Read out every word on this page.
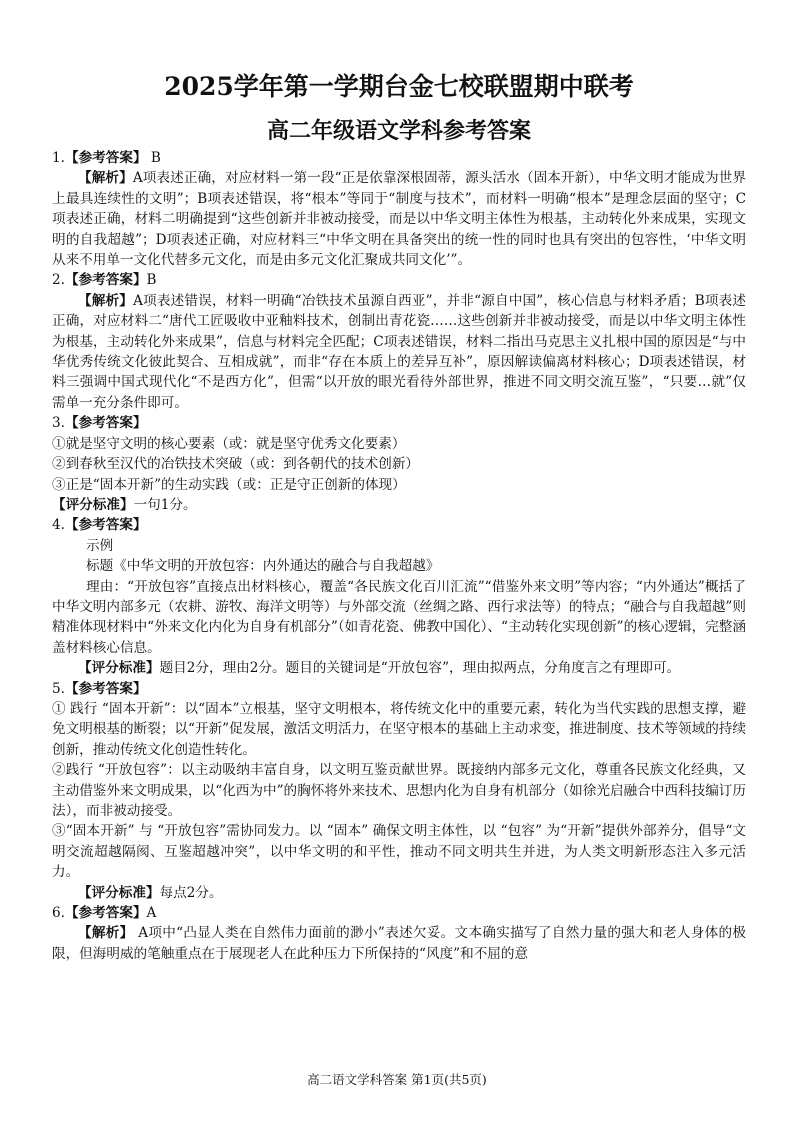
2025学年第一学期台金七校联盟期中联考
高二年级语文学科参考答案

1.【参考答案】 B

【解析】A项表述正确，对应材料一第一段“正是依靠深根固蒂，源头活水（固本开新），中华文明才能成为世界上最具连续性的文明”；B项表述错误，将“根本”等同于“制度与技术”，而材料一明确“根本”是理念层面的坚守；C项表述正确，材料二明确提到“这些创新并非被动接受，而是以中华文明主体性为根基，主动转化外来成果，实现文明的自我超越”；D项表述正确，对应材料三“中华文明在具备突出的统一性的同时也具有突出的包容性，‘中华文明从来不用单一文化代替多元文化，而是由多元文化汇聚成共同文化’”。

2.【参考答案】B

【解析】A项表述错误，材料一明确“冶铁技术虽源自西亚”，并非“源自中国”，核心信息与材料矛盾；B项表述正确，对应材料二“唐代工匠吸收中亚釉料技术，创制出青花瓷……这些创新并非被动接受，而是以中华文明主体性为根基，主动转化外来成果”，信息与材料完全匹配；C项表述错误，材料二指出马克思主义扎根中国的原因是“与中华优秀传统文化彼此契合、互相成就”，而非“存在本质上的差异互补”，原因解读偏离材料核心；D项表述错误，材料三强调中国式现代化“不是西方化”，但需“以开放的眼光看待外部世界，推进不同文明交流互鉴”，“只要…就”仅需单一充分条件即可。

3.【参考答案】

①就是坚守文明的核心要素（或：就是坚守优秀文化要素）

②到春秋至汉代的冶铁技术突破（或：到各朝代的技术创新）

③正是“固本开新”的生动实践（或：正是守正创新的体现）

【评分标准】一句1分。

4.【参考答案】

示例

标题《中华文明的开放包容：内外通达的融合与自我超越》

理由：“开放包容”直接点出材料核心，覆盖“各民族文化百川汇流”“借鉴外来文明”等内容；“内外通达”概括了中华文明内部多元（农耕、游牧、海洋文明等）与外部交流（丝绸之路、西行求法等）的特点；“融合与自我超越”则精准体现材料中“外来文化内化为自身有机部分”（如青花瓷、佛教中国化）、“主动转化实现创新”的核心逻辑，完整涵盖材料核心信息。

【评分标准】题目2分，理由2分。题目的关键词是“开放包容”，理由拟两点，分角度言之有理即可。

5.【参考答案】

① 践行 “固本开新”：以“固本”立根基，坚守文明根本，将传统文化中的重要元素，转化为当代实践的思想支撑，避免文明根基的断裂；以“开新”促发展，激活文明活力，在坚守根本的基础上主动求变，推进制度、技术等领域的持续创新，推动传统文化创造性转化。

②践行 “开放包容”：以主动吸纳丰富自身，以文明互鉴贡献世界。既接纳内部多元文化，尊重各民族文化经典，又主动借鉴外来文明成果，以“化西为中”的胸怀将外来技术、思想内化为自身有机部分（如徐光启融合中西科技编订历法），而非被动接受。

③“固本开新” 与 “开放包容”需协同发力。以 “固本” 确保文明主体性，以 “包容” 为“开新”提供外部养分，倡导“文明交流超越隔阂、互鉴超越冲突”，以中华文明的和平性，推动不同文明共生并进，为人类文明新形态注入多元活力。

【评分标准】每点2分。

6.【参考答案】A

【解析】 A项中“凸显人类在自然伟力面前的渺小”表述欠妥。文本确实描写了自然力量的强大和老人身体的极限，但海明威的笔触重点在于展现老人在此种压力下所保持的“风度”和不屈的意

高二语文学科答案 第1页(共5页)
